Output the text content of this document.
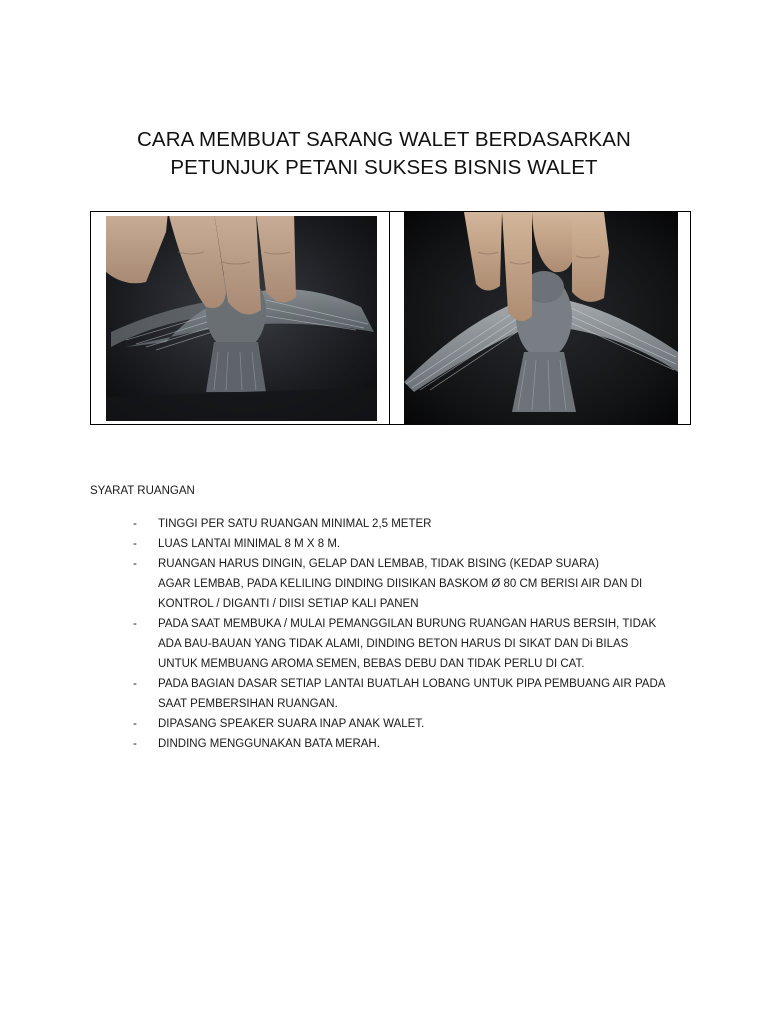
CARA MEMBUAT SARANG WALET BERDASARKAN
PETUNJUK PETANI SUKSES BISNIS WALET
SYARAT RUANGAN
- TINGGI PER SATU RUANGAN MINIMAL 2,5 METER
- LUAS LANTAI MINIMAL 8 M X 8 M.
- RUANGAN HARUS DINGIN, GELAP DAN LEMBAB, TIDAK BISING (KEDAP SUARA)
AGAR LEMBAB, PADA KELILING DINDING DIISIKAN BASKOM Ø 80 CM BERISI AIR DAN DI
KONTROL / DIGANTI / DIISI SETIAP KALI PANEN
- PADA SAAT MEMBUKA / MULAI PEMANGGILAN BURUNG RUANGAN HARUS BERSIH, TIDAK
ADA BAU-BAUAN YANG TIDAK ALAMI, DINDING BETON HARUS DI SIKAT DAN Di BILAS
UNTUK MEMBUANG AROMA SEMEN, BEBAS DEBU DAN TIDAK PERLU DI CAT.
- PADA BAGIAN DASAR SETIAP LANTAI BUATLAH LOBANG UNTUK PIPA PEMBUANG AIR PADA
SAAT PEMBERSIHAN RUANGAN.
- DIPASANG SPEAKER SUARA INAP ANAK WALET.
- DINDING MENGGUNAKAN BATA MERAH.
